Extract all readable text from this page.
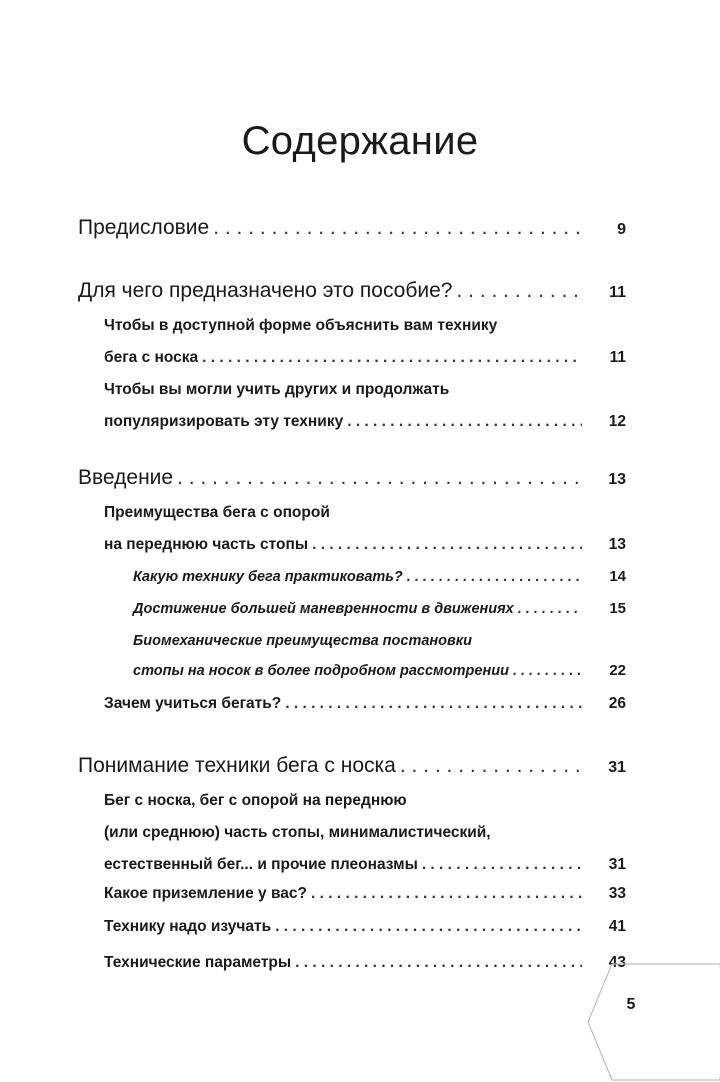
Содержание
Предисловие . . .	9
Для чего предназначено это пособие? . . .	11
Чтобы в доступной форме объяснить вам технику
бега с носка . . .	11
Чтобы вы могли учить других и продолжать
популяризировать эту технику . . .	12
Введение . . .	13
Преимущества бега с опорой
на переднюю часть стопы . . .	13
Какую технику бега практиковать? . . .	14
Достижение большей маневренности в движениях . . .	15
Биомеханические преимущества постановки
стопы на носок в более подробном рассмотрении . . .	22
Зачем учиться бегать? . . .	26
Понимание техники бега с носка . . .	31
Бег с носка, бег с опорой на переднюю
(или среднюю) часть стопы, минималистический,
естественный бег... и прочие плеоназмы . . .	31
Какое приземление у вас? . . .	33
Технику надо изучать . . .	41
Технические параметры . . .	43
5
